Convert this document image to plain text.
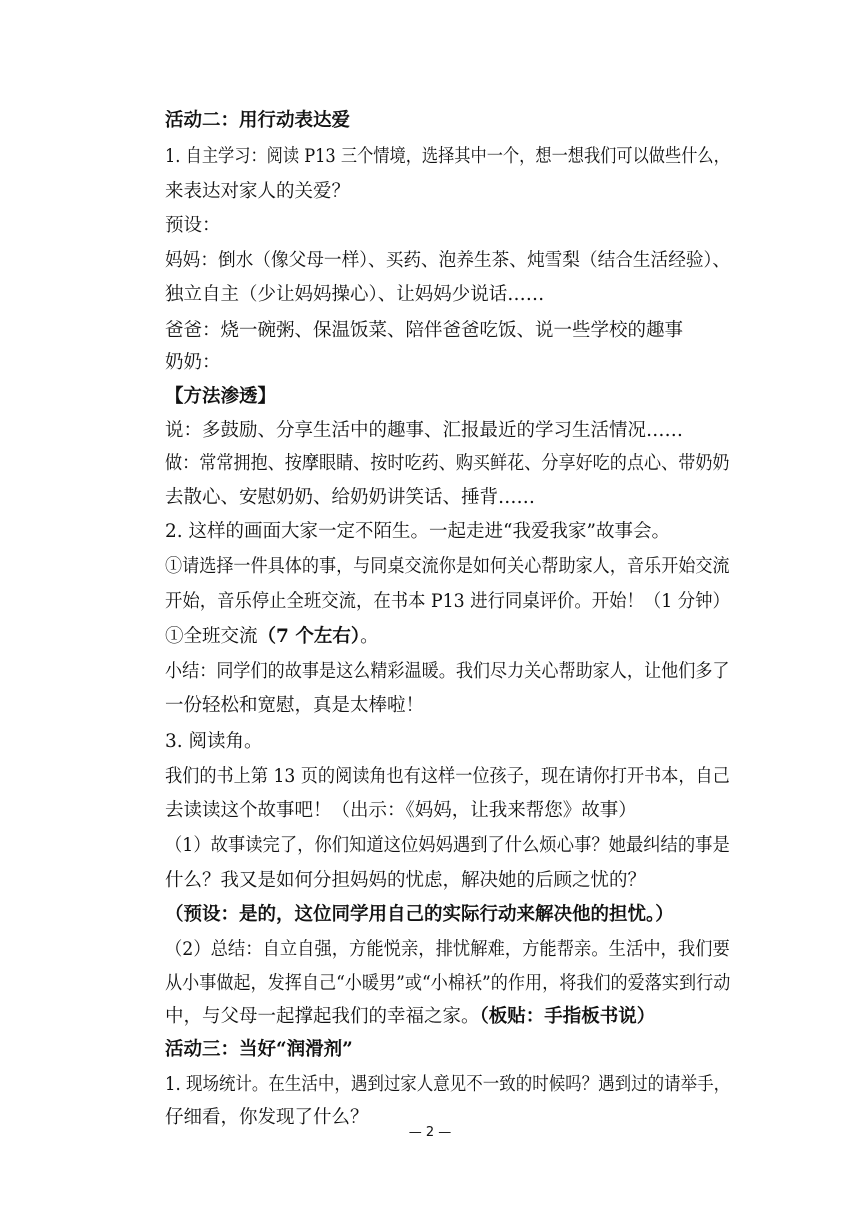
活动二：用行动表达爱
1. 自主学习：阅读 P13 三个情境，选择其中一个，想一想我们可以做些什么，
来表达对家人的关爱？
预设：
妈妈：倒水（像父母一样）、买药、泡养生茶、炖雪梨（结合生活经验）、
独立自主（少让妈妈操心）、让妈妈少说话……
爸爸：烧一碗粥、保温饭菜、陪伴爸爸吃饭、说一些学校的趣事
奶奶：
【方法渗透】
说：多鼓励、分享生活中的趣事、汇报最近的学习生活情况……
做：常常拥抱、按摩眼睛、按时吃药、购买鲜花、分享好吃的点心、带奶奶
去散心、安慰奶奶、给奶奶讲笑话、捶背……
2. 这样的画面大家一定不陌生。一起走进“我爱我家”故事会。
①请选择一件具体的事，与同桌交流你是如何关心帮助家人，音乐开始交流
开始，音乐停止全班交流，在书本 P13 进行同桌评价。开始！（1 分钟）
①全班交流（7 个左右）。
小结：同学们的故事是这么精彩温暖。我们尽力关心帮助家人，让他们多了
一份轻松和宽慰，真是太棒啦！
3. 阅读角。
我们的书上第 13 页的阅读角也有这样一位孩子，现在请你打开书本，自己
去读读这个故事吧！（出示：《妈妈，让我来帮您》故事）
（1）故事读完了，你们知道这位妈妈遇到了什么烦心事？她最纠结的事是
什么？我又是如何分担妈妈的忧虑，解决她的后顾之忧的？
（预设：是的，这位同学用自己的实际行动来解决他的担忧。）
（2）总结：自立自强，方能悦亲，排忧解难，方能帮亲。生活中，我们要
从小事做起，发挥自己“小暖男”或“小棉袄”的作用，将我们的爱落实到行动
中，与父母一起撑起我们的幸福之家。（板贴：手指板书说）
活动三：当好“润滑剂”
1. 现场统计。在生活中，遇到过家人意见不一致的时候吗？遇到过的请举手，
仔细看，你发现了什么？
— 2 —
